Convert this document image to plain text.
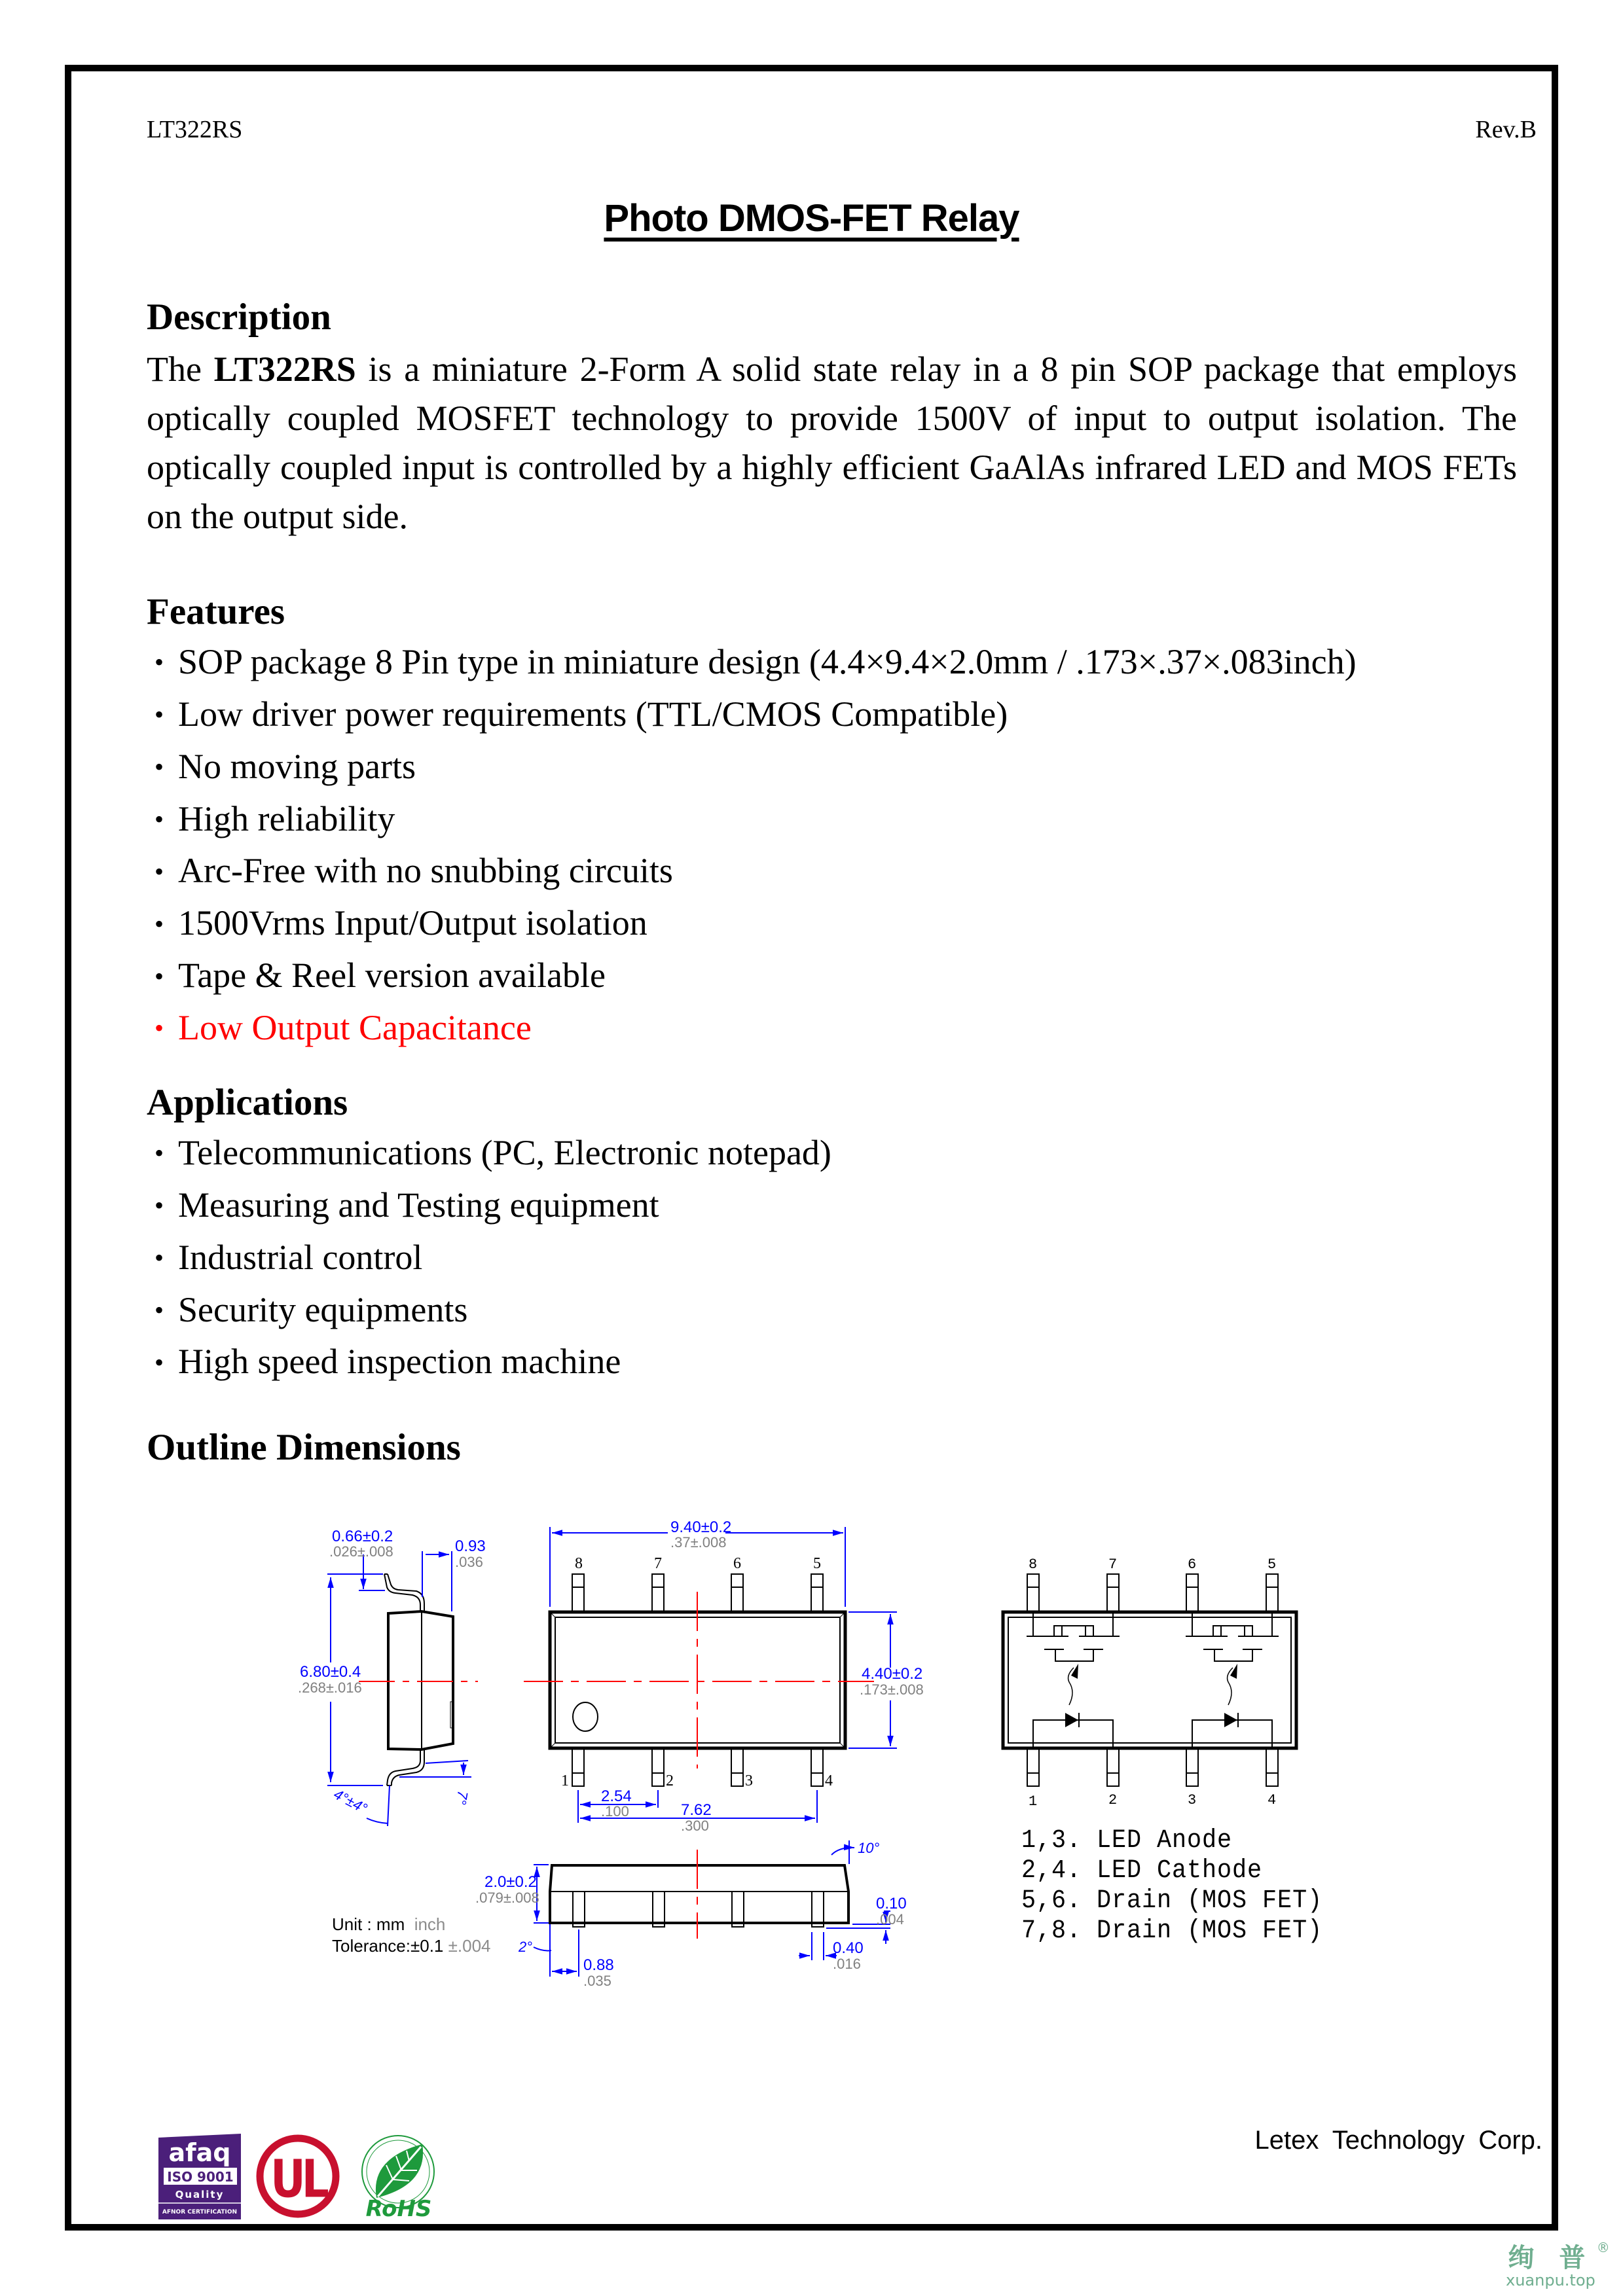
LT322RS	Rev.B
Photo DMOS-FET Relay
Description
The LT322RS is a miniature 2-Form A solid state relay in a 8 pin SOP package that employs optically coupled MOSFET technology to provide 1500V of input to output isolation. The optically coupled input is controlled by a highly efficient GaAlAs infrared LED and MOS FETs on the output side.
Features
• SOP package 8 Pin type in miniature design (4.4×9.4×2.0mm / .173×.37×.083inch)
• Low driver power requirements (TTL/CMOS Compatible)
• No moving parts
• High reliability
• Arc-Free with no snubbing circuits
• 1500Vrms Input/Output isolation
• Tape & Reel version available
• Low Output Capacitance
Applications
• Telecommunications (PC, Electronic notepad)
• Measuring and Testing equipment
• Industrial control
• Security equipments
• High speed inspection machine
Outline Dimensions
0.66±0.2
.026±.008	0.93
.036
6.80±0.4
.268±.016
4°±4°	7°
8	7	6	5
1	2	3	4
9.40±0.2
.37±.008
4.40±0.2
.173±.008
2.54
.100	7.62
.300
2.0±0.2
.079±.008
10°
0.10
.004
0.40
.016
0.88
.035
2°
8	7	6	5
1	2	3	4
Unit : mm inch
Tolerance:±0.1 ±.004
1,3. LED Anode
2,4. LED Cathode
5,6. Drain (MOS FET)
7,8. Drain (MOS FET)
afaq
ISO 9001
Quality
AFNOR CERTIFICATION
UL RoHS
Letex Technology Corp.
绚 普
xuanpu.top
®
